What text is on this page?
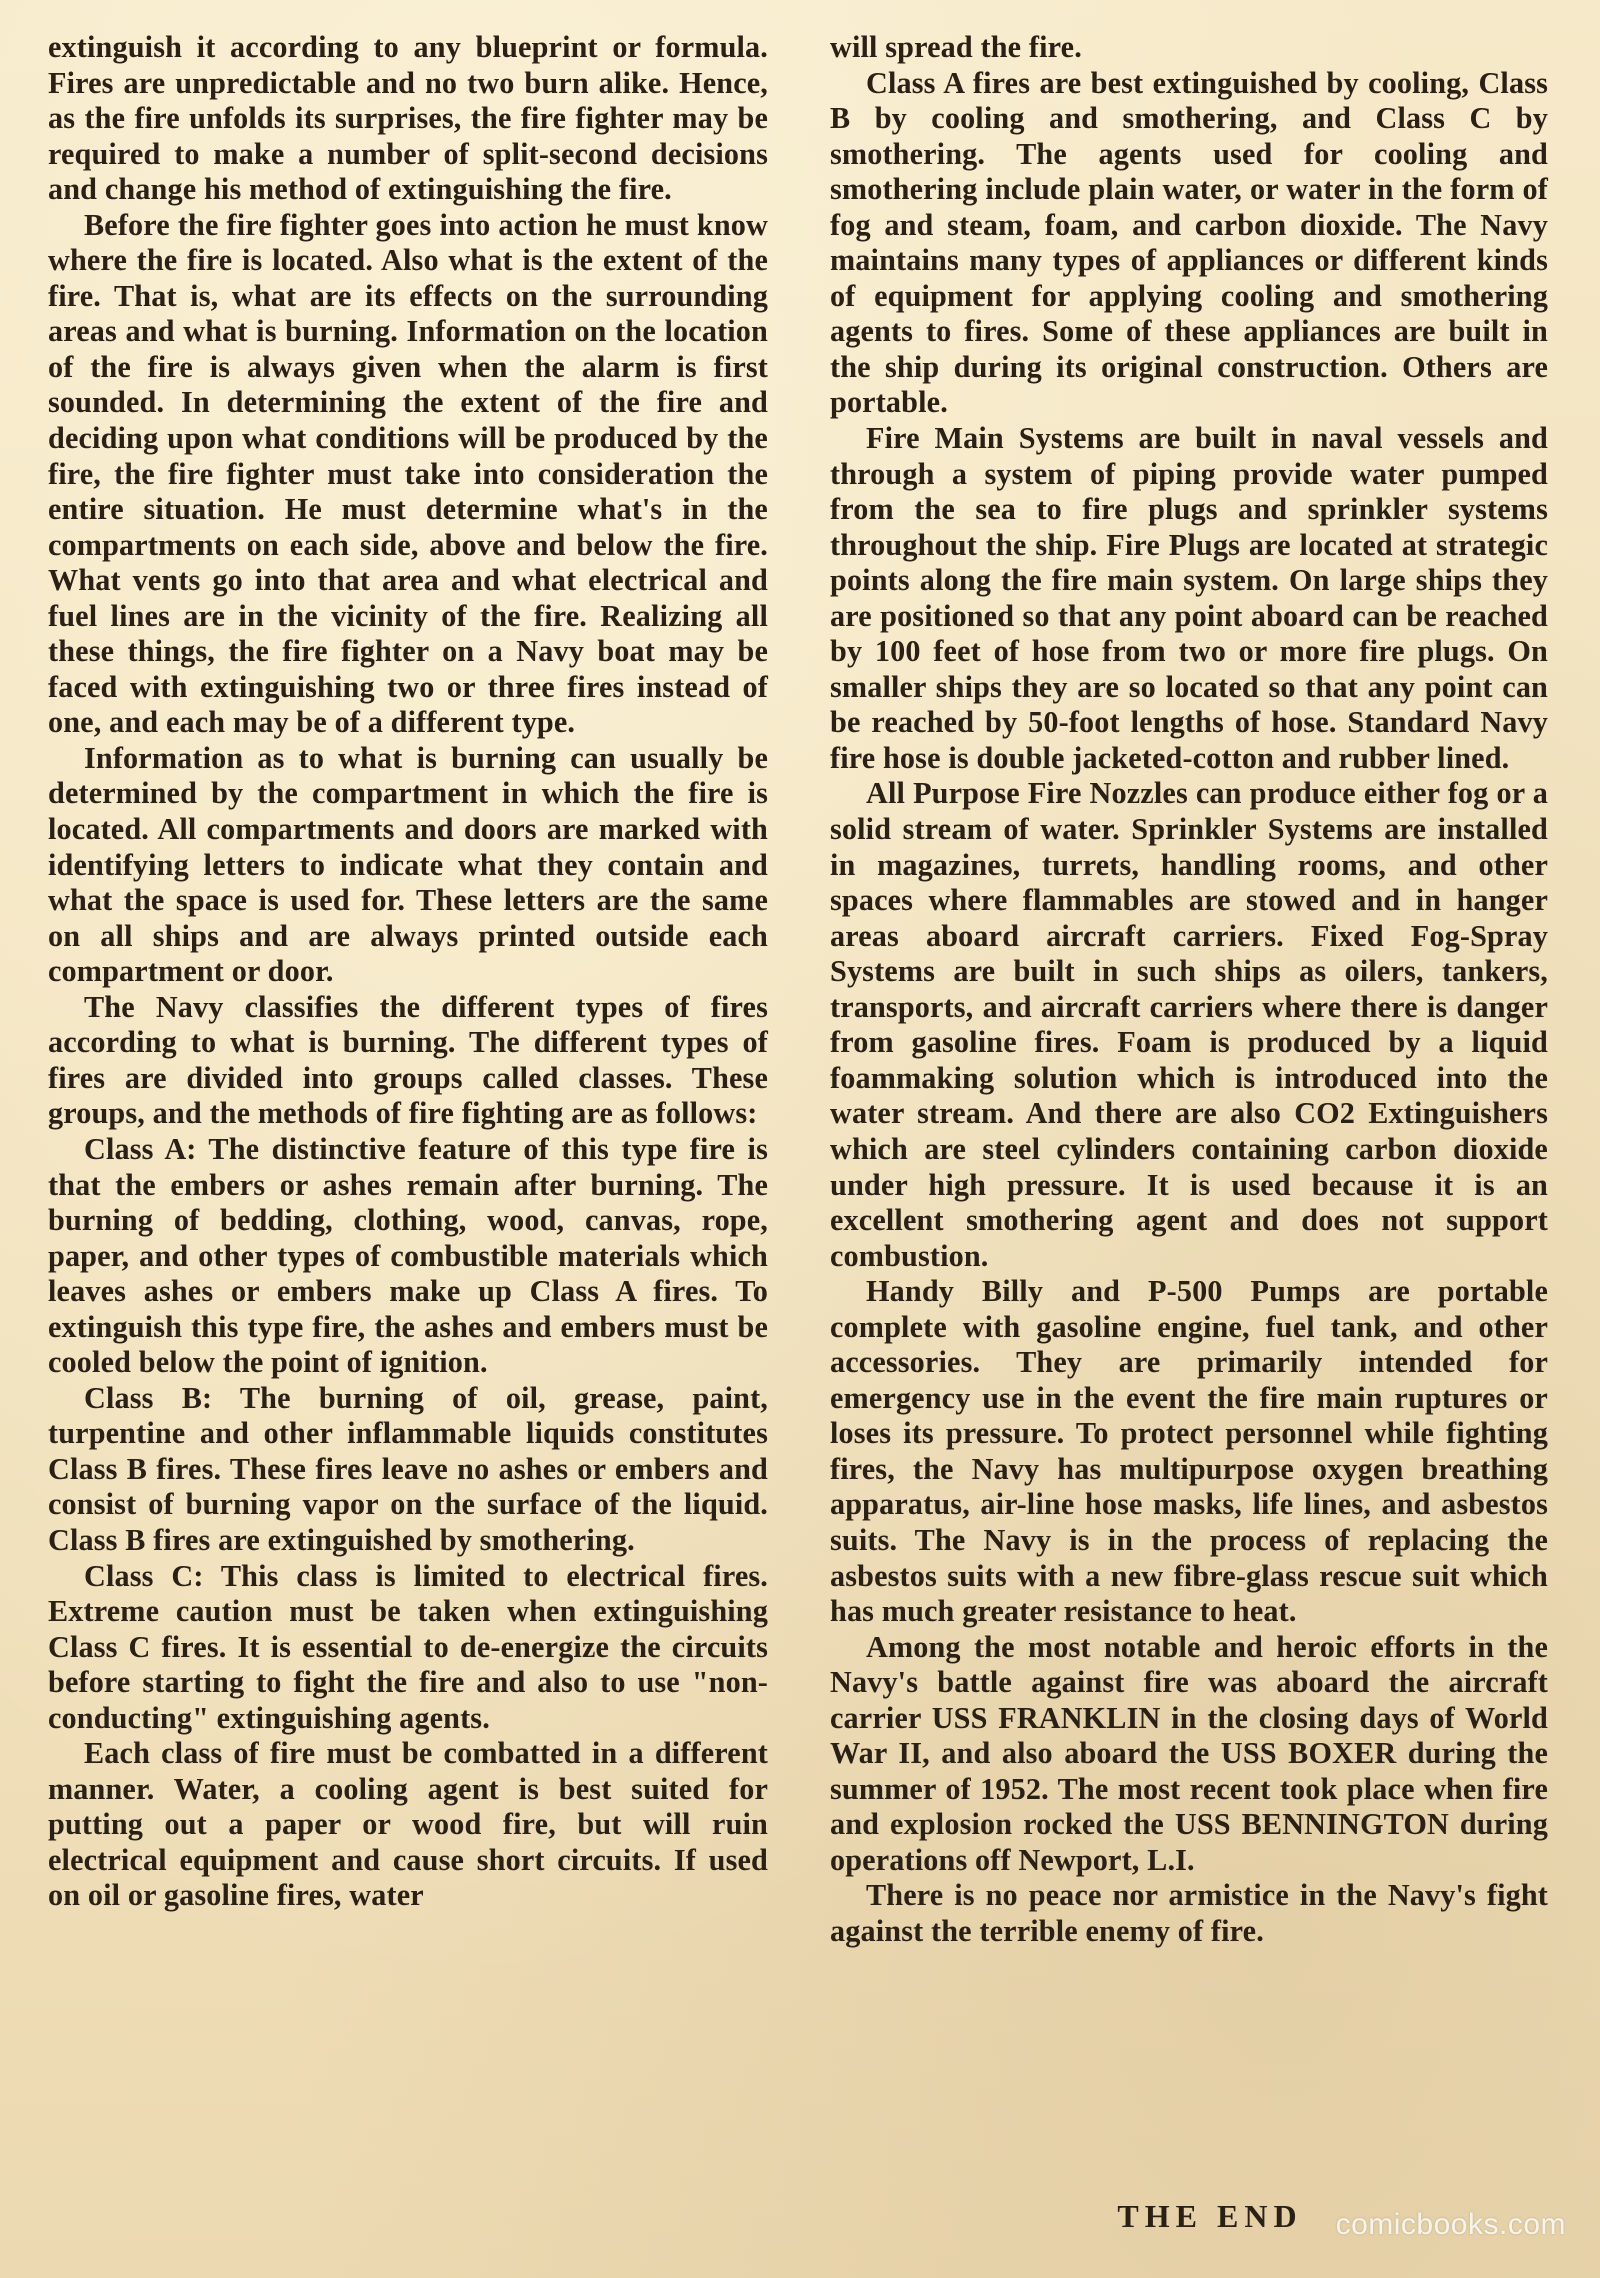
extinguish it according to any blueprint or formula. Fires are unpredictable and no two burn alike. Hence, as the fire unfolds its surprises, the fire fighter may be required to make a number of split-second decisions and change his method of extinguishing the fire.

Before the fire fighter goes into action he must know where the fire is located. Also what is the extent of the fire. That is, what are its effects on the surrounding areas and what is burning. Information on the location of the fire is always given when the alarm is first sounded. In determining the extent of the fire and deciding upon what conditions will be produced by the fire, the fire fighter must take into consideration the entire situation. He must determine what's in the compartments on each side, above and below the fire. What vents go into that area and what electrical and fuel lines are in the vicinity of the fire. Realizing all these things, the fire fighter on a Navy boat may be faced with extinguishing two or three fires instead of one, and each may be of a different type.

Information as to what is burning can usually be determined by the compartment in which the fire is located. All compartments and doors are marked with identifying letters to indicate what they contain and what the space is used for. These letters are the same on all ships and are always printed outside each compartment or door.

The Navy classifies the different types of fires according to what is burning. The different types of fires are divided into groups called classes. These groups, and the methods of fire fighting are as follows:

Class A: The distinctive feature of this type fire is that the embers or ashes remain after burning. The burning of bedding, clothing, wood, canvas, rope, paper, and other types of combustible materials which leaves ashes or embers make up Class A fires. To extinguish this type fire, the ashes and embers must be cooled below the point of ignition.

Class B: The burning of oil, grease, paint, turpentine and other inflammable liquids constitutes Class B fires. These fires leave no ashes or embers and consist of burning vapor on the surface of the liquid. Class B fires are extinguished by smothering.

Class C: This class is limited to electrical fires. Extreme caution must be taken when extinguishing Class C fires. It is essential to de-energize the circuits before starting to fight the fire and also to use "non-conducting" extinguishing agents.

Each class of fire must be combatted in a different manner. Water, a cooling agent is best suited for putting out a paper or wood fire, but will ruin electrical equipment and cause short circuits. If used on oil or gasoline fires, water

will spread the fire.

Class A fires are best extinguished by cooling, Class B by cooling and smothering, and Class C by smothering. The agents used for cooling and smothering include plain water, or water in the form of fog and steam, foam, and carbon dioxide. The Navy maintains many types of appliances or different kinds of equipment for applying cooling and smothering agents to fires. Some of these appliances are built in the ship during its original construction. Others are portable.

Fire Main Systems are built in naval vessels and through a system of piping provide water pumped from the sea to fire plugs and sprinkler systems throughout the ship. Fire Plugs are located at strategic points along the fire main system. On large ships they are positioned so that any point aboard can be reached by 100 feet of hose from two or more fire plugs. On smaller ships they are so located so that any point can be reached by 50-foot lengths of hose. Standard Navy fire hose is double jacketed-cotton and rubber lined.

All Purpose Fire Nozzles can produce either fog or a solid stream of water. Sprinkler Systems are installed in magazines, turrets, handling rooms, and other spaces where flammables are stowed and in hanger areas aboard aircraft carriers. Fixed Fog-Spray Systems are built in such ships as oilers, tankers, transports, and aircraft carriers where there is danger from gasoline fires. Foam is produced by a liquid foammaking solution which is introduced into the water stream. And there are also CO2 Extinguishers which are steel cylinders containing carbon dioxide under high pressure. It is used because it is an excellent smothering agent and does not support combustion.

Handy Billy and P-500 Pumps are portable complete with gasoline engine, fuel tank, and other accessories. They are primarily intended for emergency use in the event the fire main ruptures or loses its pressure. To protect personnel while fighting fires, the Navy has multipurpose oxygen breathing apparatus, air-line hose masks, life lines, and asbestos suits. The Navy is in the process of replacing the asbestos suits with a new fibre-glass rescue suit which has much greater resistance to heat.

Among the most notable and heroic efforts in the Navy's battle against fire was aboard the aircraft carrier USS FRANKLIN in the closing days of World War II, and also aboard the USS BOXER during the summer of 1952. The most recent took place when fire and explosion rocked the USS BENNINGTON during operations off Newport, L.I.

There is no peace nor armistice in the Navy's fight against the terrible enemy of fire.

THE END	comicbooks.com
